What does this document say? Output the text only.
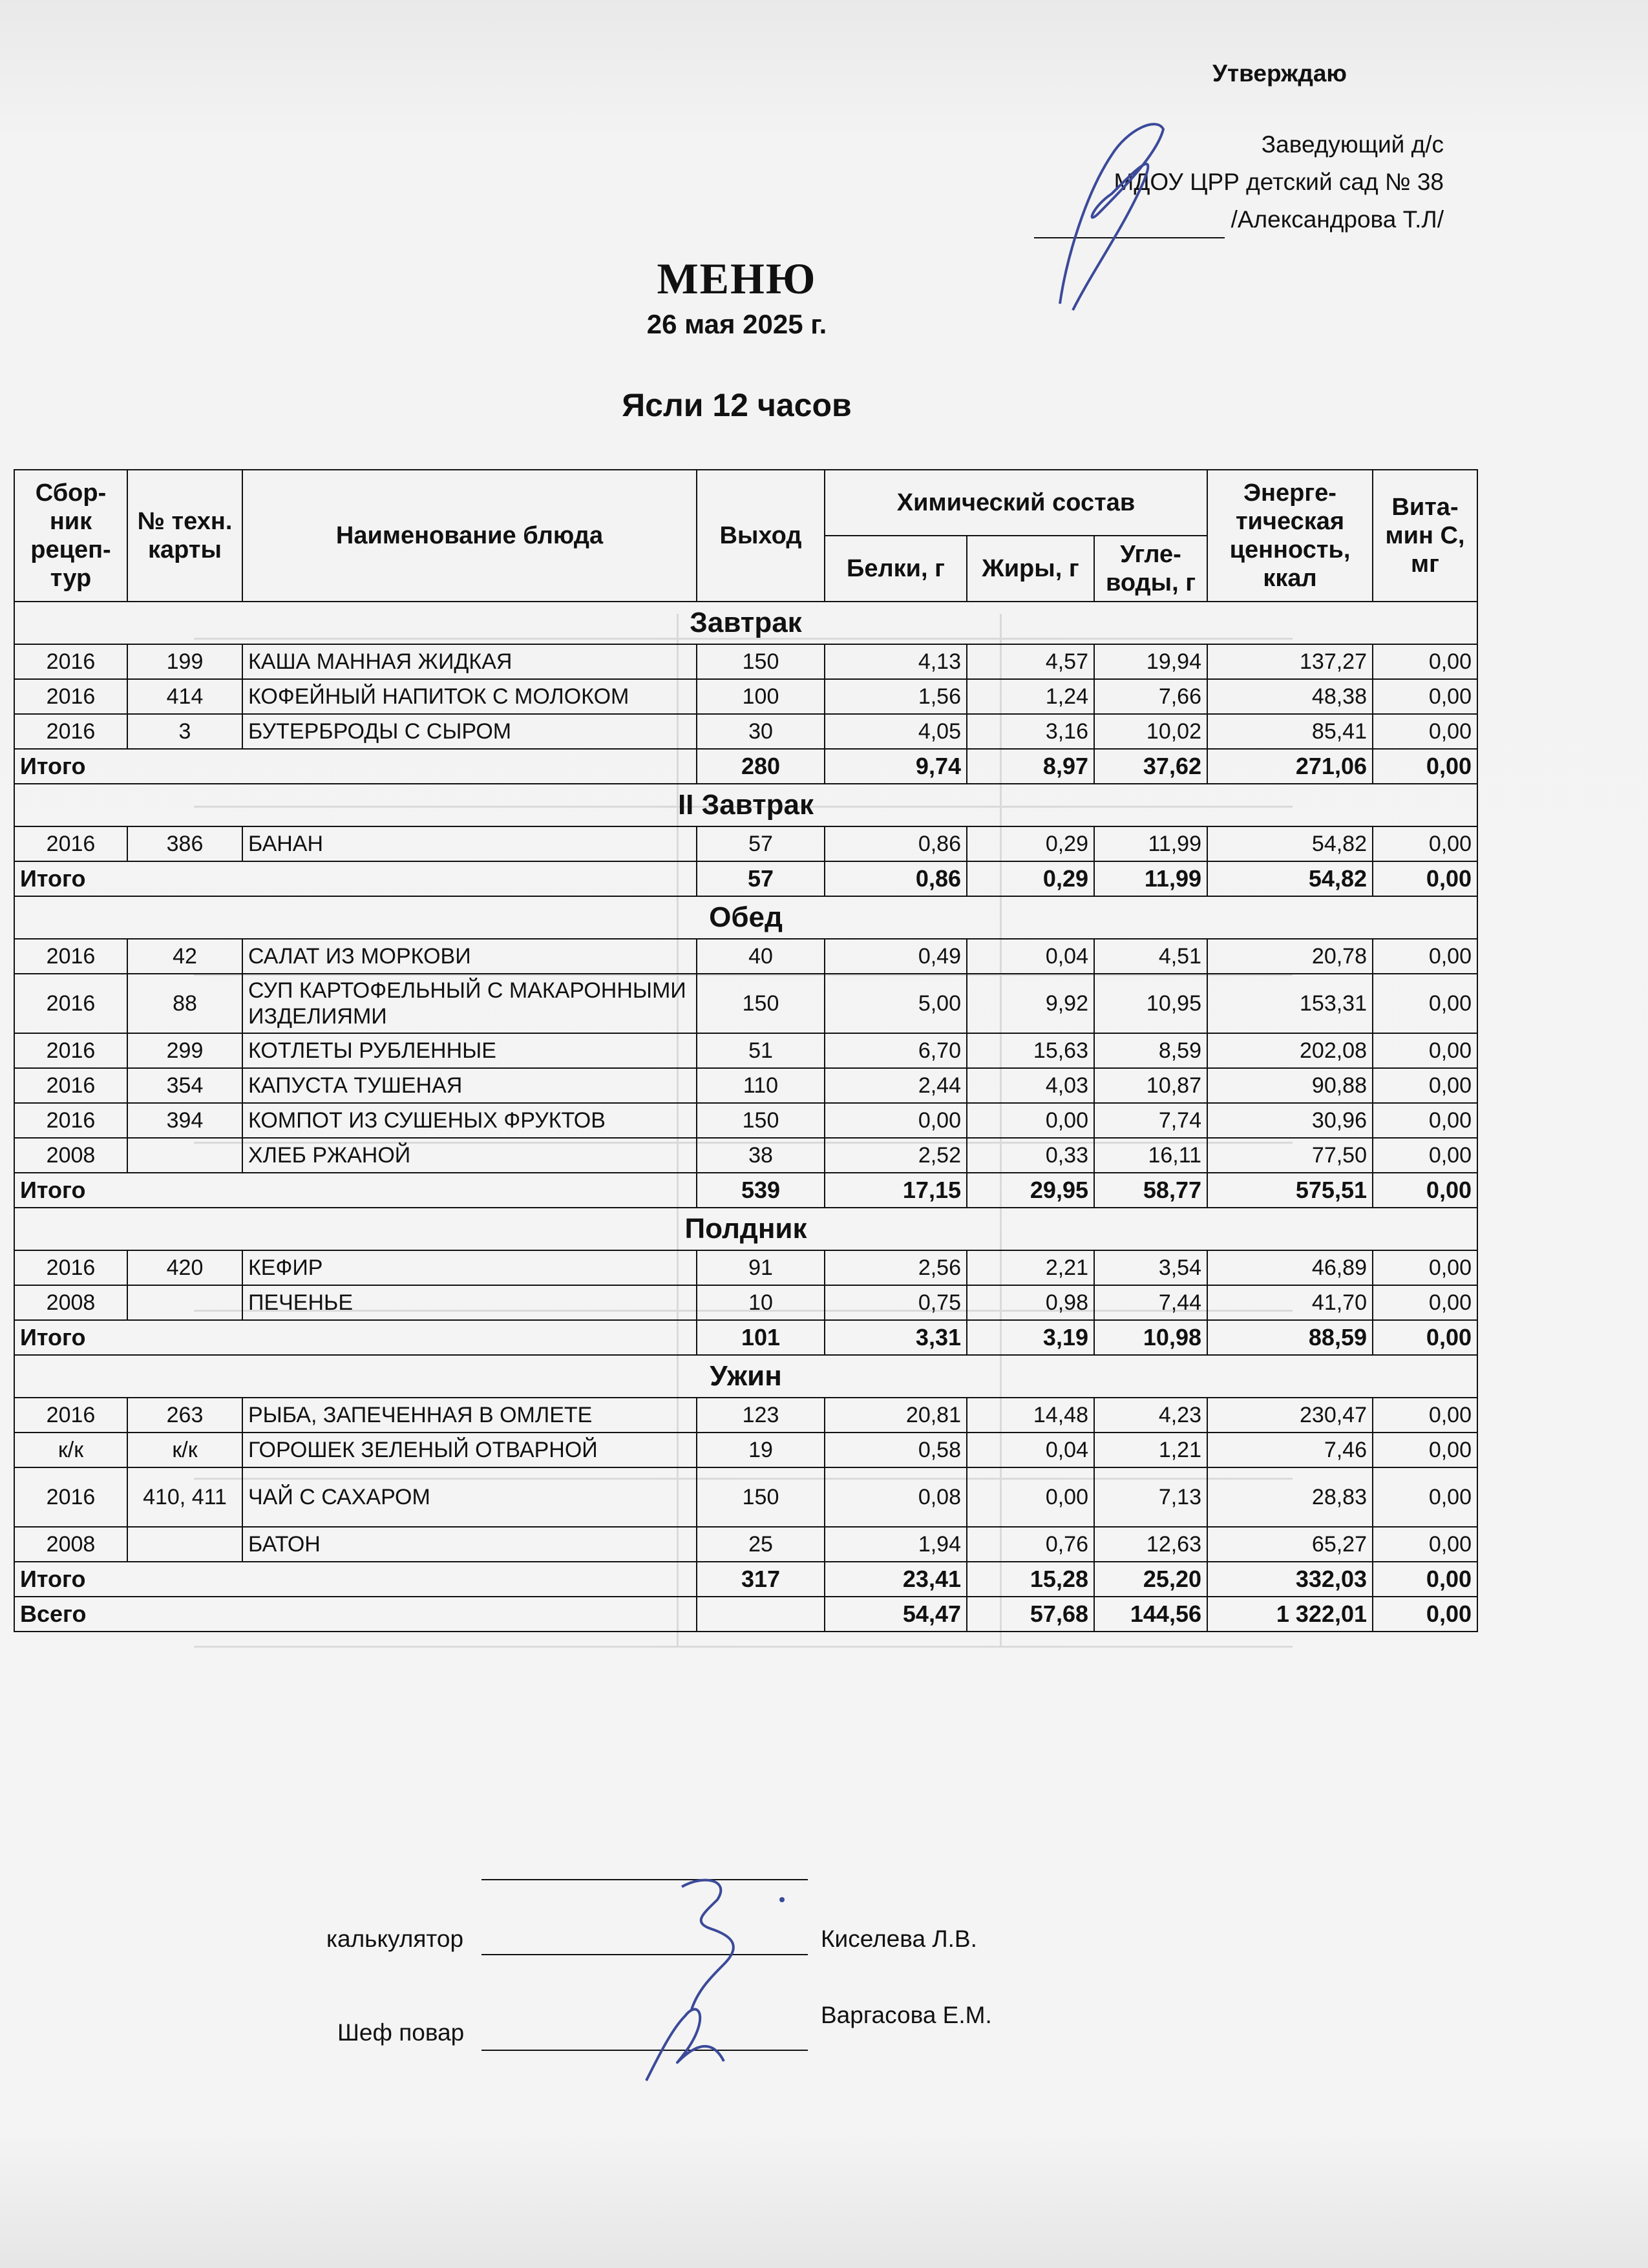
Утверждаю
Заведующий д/с
МДОУ ЦРР детский сад № 38
/Александрова Т.Л/
МЕНЮ
26 мая 2025 г.
Ясли 12 часов
Сбор-ник рецеп-тур	№ техн. карты	Наименование блюда	Выход	Химический состав			Энерге-тическая ценность, ккал	Вита-мин С, мг
				Белки, г	Жиры, г	Угле-воды, г		
Завтрак								
2016	199	КАША МАННАЯ ЖИДКАЯ	150	4,13	4,57	19,94	137,27	0,00
2016	414	КОФЕЙНЫЙ НАПИТОК С МОЛОКОМ	100	1,56	1,24	7,66	48,38	0,00
2016	3	БУТЕРБРОДЫ С СЫРОМ	30	4,05	3,16	10,02	85,41	0,00
Итого			280	9,74	8,97	37,62	271,06	0,00
II Завтрак								
2016	386	БАНАН	57	0,86	0,29	11,99	54,82	0,00
Итого			57	0,86	0,29	11,99	54,82	0,00
Обед								
2016	42	САЛАТ ИЗ МОРКОВИ	40	0,49	0,04	4,51	20,78	0,00
2016	88	СУП КАРТОФЕЛЬНЫЙ С МАКАРОННЫМИ ИЗДЕЛИЯМИ	150	5,00	9,92	10,95	153,31	0,00
2016	299	КОТЛЕТЫ РУБЛЕННЫЕ	51	6,70	15,63	8,59	202,08	0,00
2016	354	КАПУСТА ТУШЕНАЯ	110	2,44	4,03	10,87	90,88	0,00
2016	394	КОМПОТ ИЗ СУШЕНЫХ ФРУКТОВ	150	0,00	0,00	7,74	30,96	0,00
2008		ХЛЕБ РЖАНОЙ	38	2,52	0,33	16,11	77,50	0,00
Итого			539	17,15	29,95	58,77	575,51	0,00
Полдник								
2016	420	КЕФИР	91	2,56	2,21	3,54	46,89	0,00
2008		ПЕЧЕНЬЕ	10	0,75	0,98	7,44	41,70	0,00
Итого			101	3,31	3,19	10,98	88,59	0,00
Ужин								
2016	263	РЫБА, ЗАПЕЧЕННАЯ В ОМЛЕТЕ	123	20,81	14,48	4,23	230,47	0,00
к/к	к/к	ГОРОШЕК ЗЕЛЕНЫЙ ОТВАРНОЙ	19	0,58	0,04	1,21	7,46	0,00
2016	410, 411	ЧАЙ С САХАРОМ	150	0,08	0,00	7,13	28,83	0,00
2008		БАТОН	25	1,94	0,76	12,63	65,27	0,00
Итого			317	23,41	15,28	25,20	332,03	0,00
Всего				54,47	57,68	144,56	1 322,01	0,00
калькулятор	Киселева Л.В.
Шеф повар
Варгасова Е.М.
